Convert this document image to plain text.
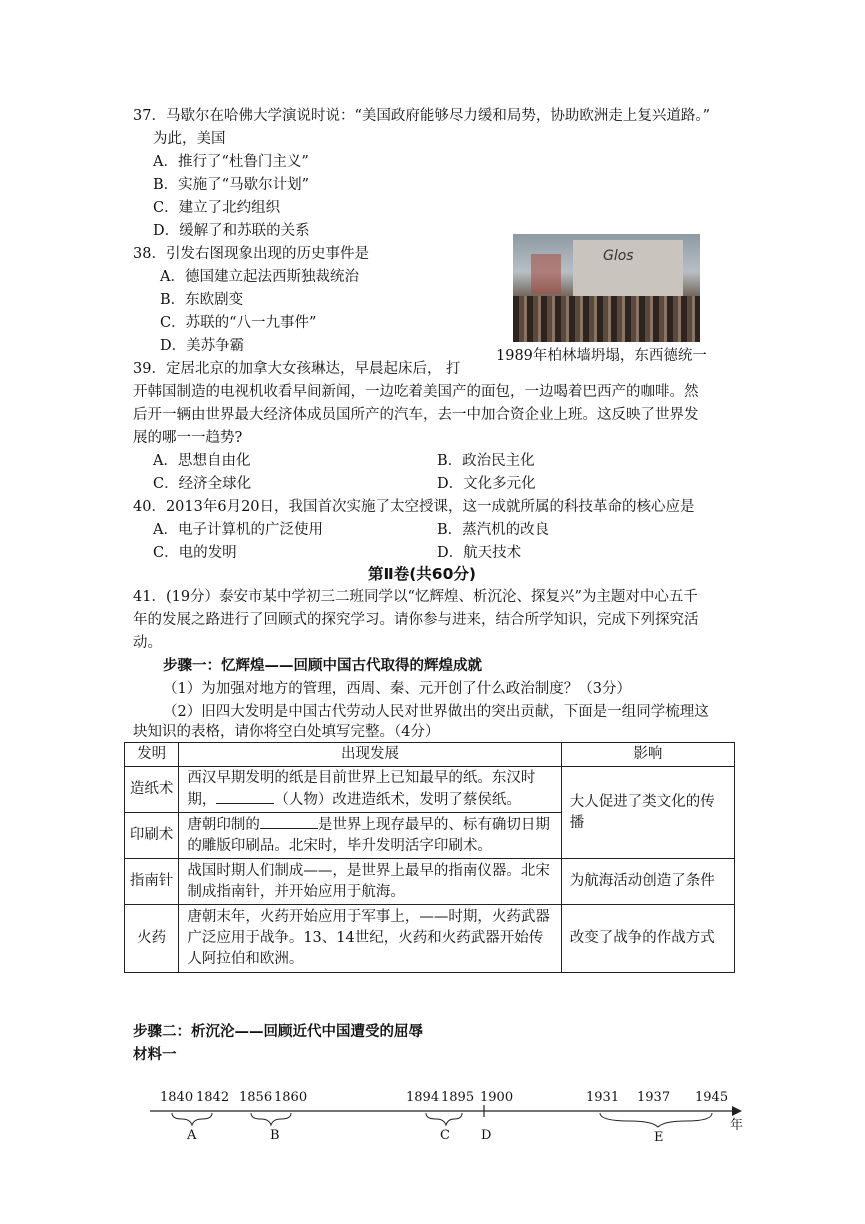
37．马歇尔在哈佛大学演说时说：“美国政府能够尽力缓和局势，协助欧洲走上复兴道路。”
为此，美国
A．推行了“杜鲁门主义”
B．实施了“马歇尔计划”
C．建立了北约组织
D．缓解了和苏联的关系
38．引发右图现象出现的历史事件是
A．德国建立起法西斯独裁统治
B．东欧剧变
C．苏联的“八一九事件”
D．美苏争霸
Glos
1989年柏林墙坍塌，东西德统一
39．定居北京的加拿大女孩琳达，早晨起床后， 打
开韩国制造的电视机收看早间新闻，一边吃着美国产的面包，一边喝着巴西产的咖啡。然
后开一辆由世界最大经济体成员国所产的汽车，去一中加合资企业上班。这反映了世界发
展的哪一一趋势?
A．思想自由化	B．政治民主化
C．经济全球化	D．文化多元化
40．2013年6月20日，我国首次实施了太空授课，这一成就所属的科技革命的核心应是
A．电子计算机的广泛使用	B．蒸汽机的改良
C．电的发明	D．航天技术
第Ⅱ卷(共60分)
41．(19分）泰安市某中学初三二班同学以“忆辉煌、析沉沦、探复兴”为主题对中心五千
年的发展之路进行了回顾式的探究学习。请你参与进来，结合所学知识，完成下列探究活
动。
步骤一：忆辉煌——回顾中国古代取得的辉煌成就
（1）为加强对地方的管理，西周、秦、元开创了什么政治制度？（3分）
（2）旧四大发明是中国古代劳动人民对世界做出的突出贡献，下面是一组同学梳理这
块知识的表格，请你将空白处填写完整。（4分）
发明	出现发展	影响
造纸术	西汉早期发明的纸是目前世界上已知最早的纸。东汉时期， （人物）改进造纸术，发明了蔡侯纸。	大人促进了类文化的传播
印刷术	唐朝印制的 是世界上现存最早的、标有确切日期的雕版印刷品。北宋时，毕升发明活字印刷术。	
指南针	战国时期人们制成——，是世界上最早的指南仪器。北宋制成指南针，并开始应用于航海。	为航海活动创造了条件
火药	唐朝末年，火药开始应用于军事上，——时期，火药武器广泛应用于战争。13、14世纪，火药和火药武器开始传人阿拉伯和欧洲。	改变了战争的作战方式
步骤二：析沉沦——回顾近代中国遭受的屈辱
材料一
1840 1842 1856 1860	1894 1895 1900	1931 1937 1945
A	B	C D	E
年
